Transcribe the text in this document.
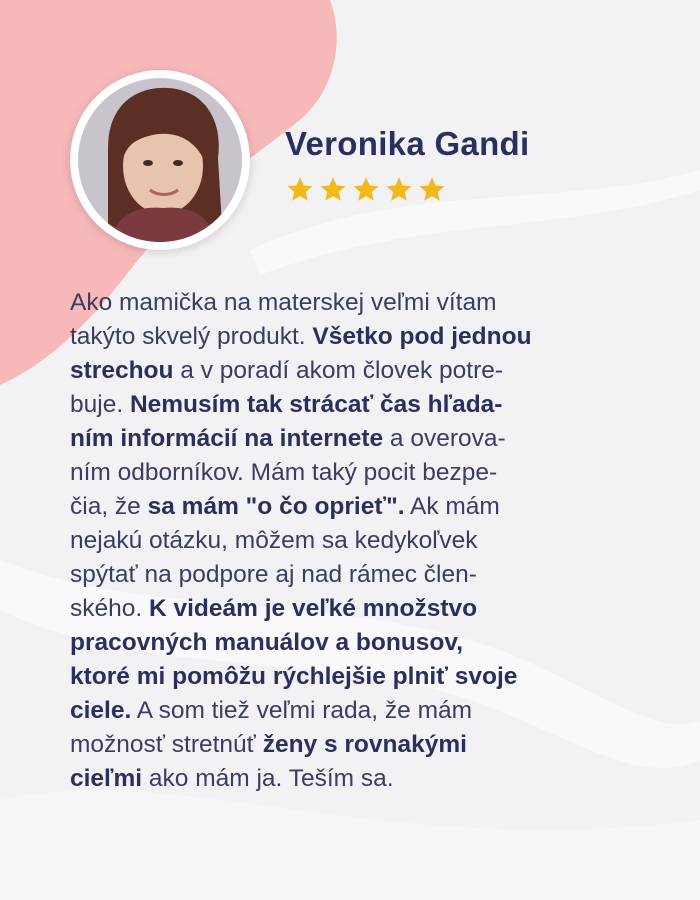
Veronika Gandi
Ako mamička na materskej veľmi vítam
takýto skvelý produkt. Všetko pod jednou
strechou a v poradí akom človek potre-
buje. Nemusím tak strácať čas hľada-
ním informácií na internete a overova-
ním odborníkov. Mám taký pocit bezpe-
čia, že sa mám "o čo oprieť". Ak mám
nejakú otázku, môžem sa kedykoľvek
spýtať na podpore aj nad rámec člen-
ského. K videám je veľké množstvo
pracovných manuálov a bonusov,
ktoré mi pomôžu rýchlejšie plniť svoje
ciele. A som tiež veľmi rada, že mám
možnosť stretnúť ženy s rovnakými
cieľmi ako mám ja. Teším sa.
